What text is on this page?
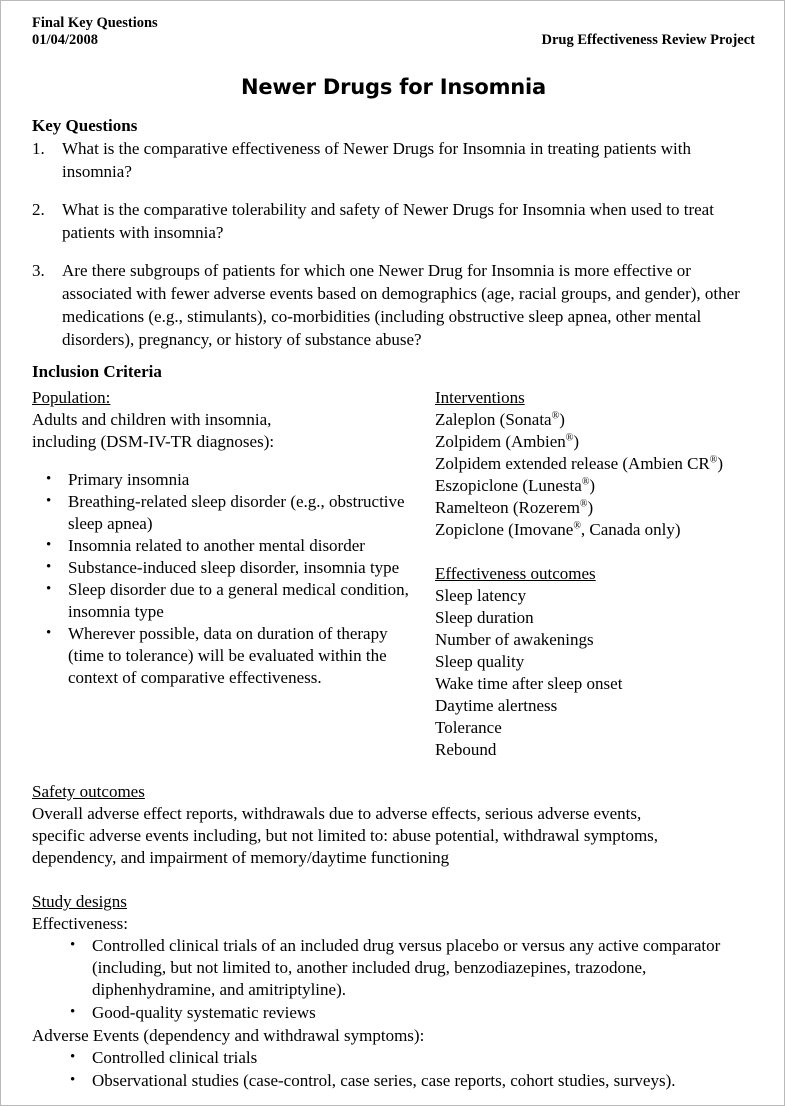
Final Key Questions
01/04/2008	Drug Effectiveness Review Project
Newer Drugs for Insomnia
Key Questions
1. What is the comparative effectiveness of Newer Drugs for Insomnia in treating patients with insomnia?
2. What is the comparative tolerability and safety of Newer Drugs for Insomnia when used to treat patients with insomnia?
3. Are there subgroups of patients for which one Newer Drug for Insomnia is more effective or associated with fewer adverse events based on demographics (age, racial groups, and gender), other medications (e.g., stimulants), co-morbidities (including obstructive sleep apnea, other mental disorders), pregnancy, or history of substance abuse?
Inclusion Criteria
Population:
Adults and children with insomnia,
including (DSM-IV-TR diagnoses):
• Primary insomnia
• Breathing-related sleep disorder (e.g., obstructive sleep apnea)
• Insomnia related to another mental disorder
• Substance-induced sleep disorder, insomnia type
• Sleep disorder due to a general medical condition, insomnia type
• Wherever possible, data on duration of therapy (time to tolerance) will be evaluated within the context of comparative effectiveness.
Interventions
Zaleplon (Sonata®)
Zolpidem (Ambien®)
Zolpidem extended release (Ambien CR®)
Eszopiclone (Lunesta®)
Ramelteon (Rozerem®)
Zopiclone (Imovane®, Canada only)
Effectiveness outcomes
Sleep latency
Sleep duration
Number of awakenings
Sleep quality
Wake time after sleep onset
Daytime alertness
Tolerance
Rebound
Safety outcomes
Overall adverse effect reports, withdrawals due to adverse effects, serious adverse events,
specific adverse events including, but not limited to: abuse potential, withdrawal symptoms,
dependency, and impairment of memory/daytime functioning
Study designs
Effectiveness:
• Controlled clinical trials of an included drug versus placebo or versus any active comparator (including, but not limited to, another included drug, benzodiazepines, trazodone, diphenhydramine, and amitriptyline).
• Good-quality systematic reviews
Adverse Events (dependency and withdrawal symptoms):
• Controlled clinical trials
• Observational studies (case-control, case series, case reports, cohort studies, surveys).
